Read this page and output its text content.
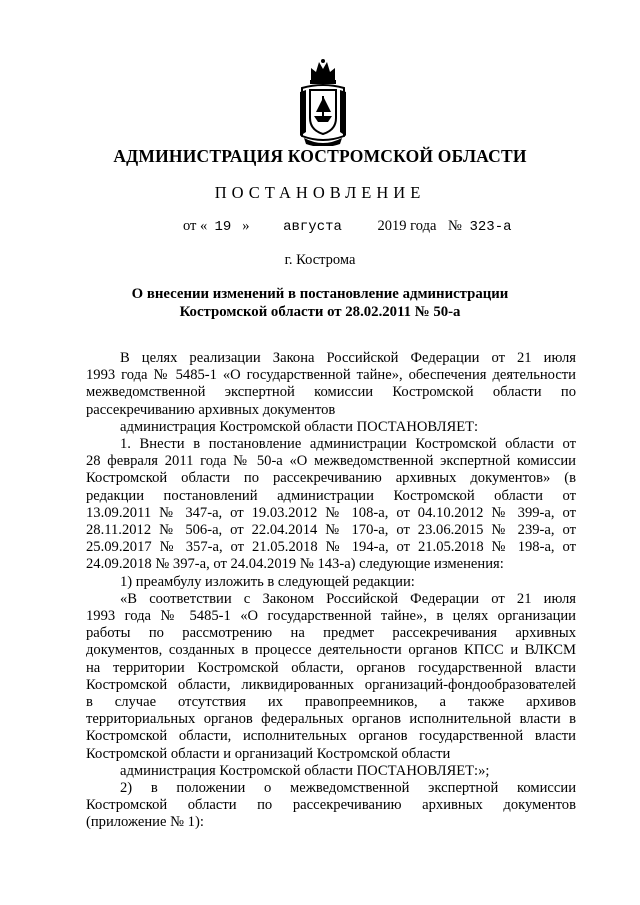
АДМИНИСТРАЦИЯ КОСТРОМСКОЙ ОБЛАСТИ
ПОСТАНОВЛЕНИЕ
от « 19 » августа 2019 года № 323-а
г. Кострома
О внесении изменений в постановление администрации
Костромской области от 28.02.2011 № 50-а

В целях реализации Закона Российской Федерации от 21 июля

1993 года № 5485-1 «О государственной тайне», обеспечения деятельности

межведомственной экспертной комиссии Костромской области по

рассекречиванию архивных документов

администрация Костромской области ПОСТАНОВЛЯЕТ:

1. Внести в постановление администрации Костромской области от

28 февраля 2011 года № 50-а «О межведомственной экспертной комиссии

Костромской области по рассекречиванию архивных документов» (в

редакции постановлений администрации Костромской области от

13.09.2011 № 347-а, от 19.03.2012 № 108-а, от 04.10.2012 № 399-а, от

28.11.2012 № 506-а, от 22.04.2014 № 170-а, от 23.06.2015 № 239-а, от

25.09.2017 № 357-а, от 21.05.2018 № 194-а, от 21.05.2018 № 198-а, от

24.09.2018 № 397-а, от 24.04.2019 № 143-а) следующие изменения:

1) преамбулу изложить в следующей редакции:

«В соответствии с Законом Российской Федерации от 21 июля

1993 года № 5485-1 «О государственной тайне», в целях организации

работы по рассмотрению на предмет рассекречивания архивных

документов, созданных в процессе деятельности органов КПСС и ВЛКСМ

на территории Костромской области, органов государственной власти

Костромской области, ликвидированных организаций-фондообразователей

в случае отсутствия их правопреемников, а также архивов

территориальных органов федеральных органов исполнительной власти в

Костромской области, исполнительных органов государственной власти

Костромской области и организаций Костромской области

администрация Костромской области ПОСТАНОВЛЯЕТ:»;

2) в положении о межведомственной экспертной комиссии

Костромской области по рассекречиванию архивных документов

(приложение № 1):
